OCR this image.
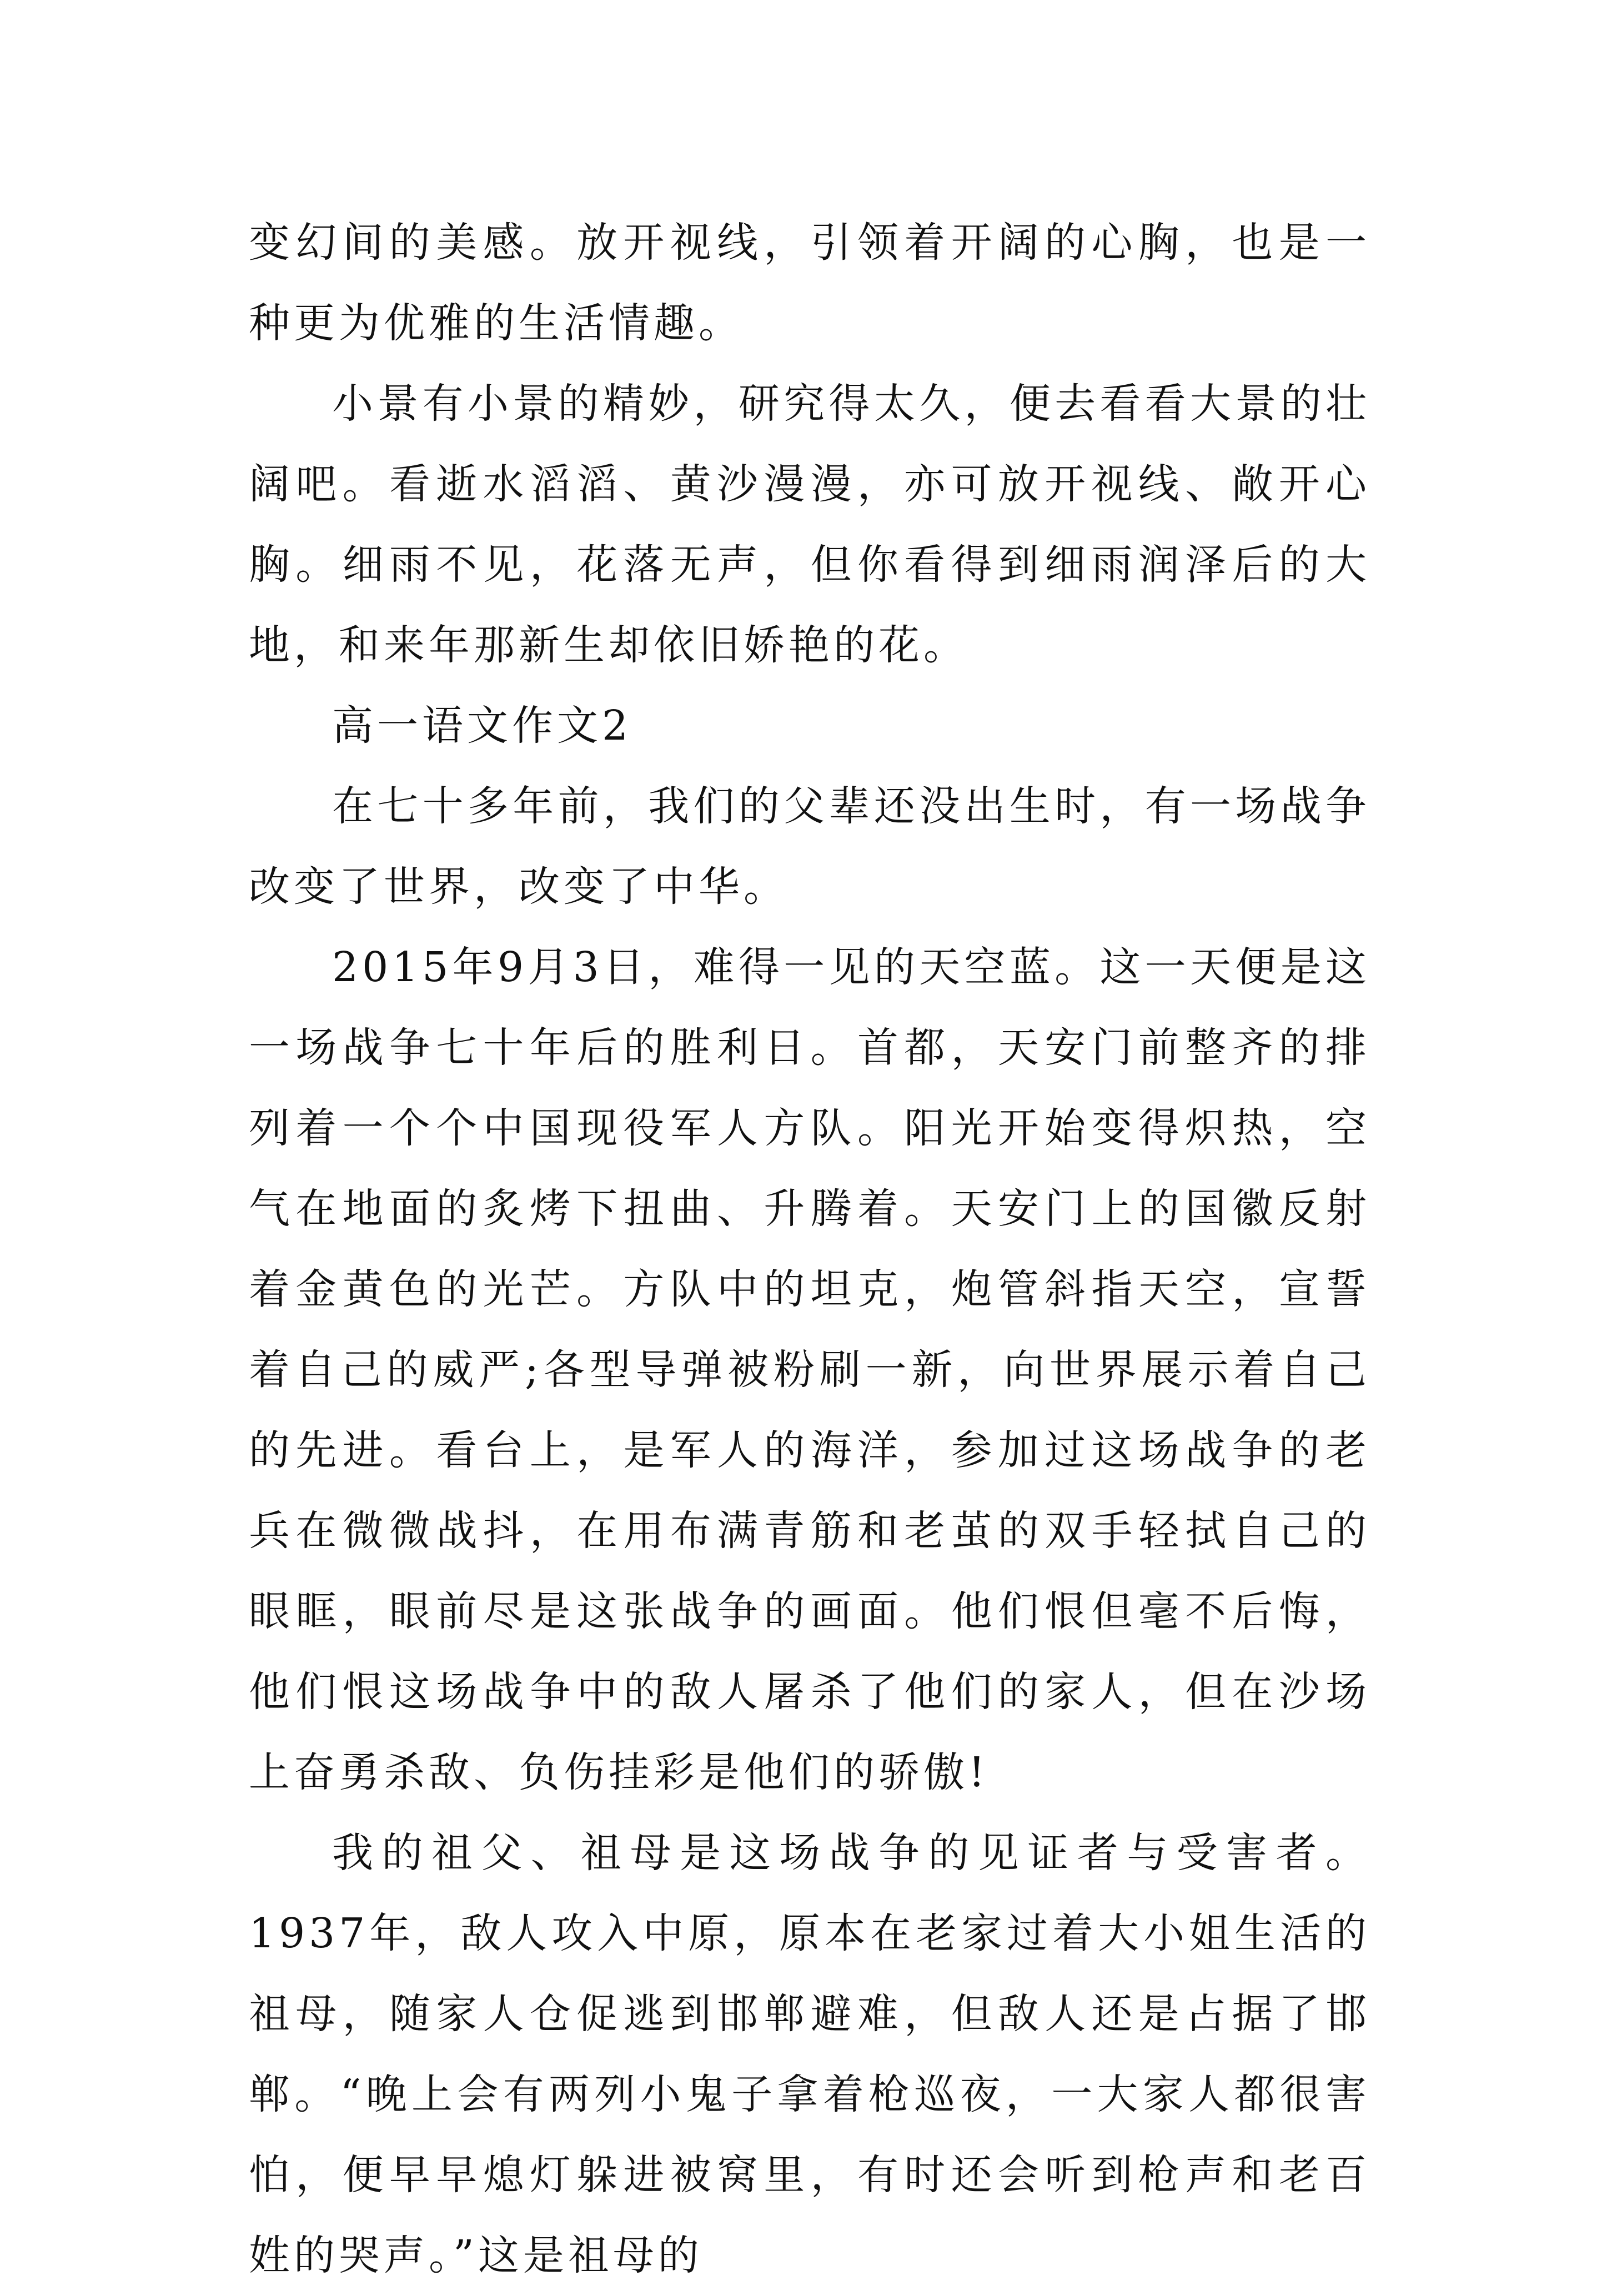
变幻间的美感。放开视线，引领着开阔的心胸，也是一种更为优雅的生活情趣。

小景有小景的精妙，研究得太久，便去看看大景的壮阔吧。看逝水滔滔、黄沙漫漫，亦可放开视线、敞开心胸。细雨不见，花落无声，但你看得到细雨润泽后的大地，和来年那新生却依旧娇艳的花。

高一语文作文2

在七十多年前，我们的父辈还没出生时，有一场战争改变了世界，改变了中华。

2015年9月3日，难得一见的天空蓝。这一天便是这一场战争七十年后的胜利日。首都，天安门前整齐的排列着一个个中国现役军人方队。阳光开始变得炽热，空气在地面的炙烤下扭曲、升腾着。天安门上的国徽反射着金黄色的光芒。方队中的坦克，炮管斜指天空，宣誓着自己的威严;各型导弹被粉刷一新，向世界展示着自己的先进。看台上，是军人的海洋，参加过这场战争的老兵在微微战抖，在用布满青筋和老茧的双手轻拭自己的眼眶，眼前尽是这张战争的画面。他们恨但毫不后悔，他们恨这场战争中的敌人屠杀了他们的家人，但在沙场上奋勇杀敌、负伤挂彩是他们的骄傲!

我的祖父、祖母是这场战争的见证者与受害者。1937年，敌人攻入中原，原本在老家过着大小姐生活的祖母，随家人仓促逃到邯郸避难，但敌人还是占据了邯郸。“晚上会有两列小鬼子拿着枪巡夜，一大家人都很害怕，便早早熄灯躲进被窝里，有时还会听到枪声和老百姓的哭声。”这是祖母的
